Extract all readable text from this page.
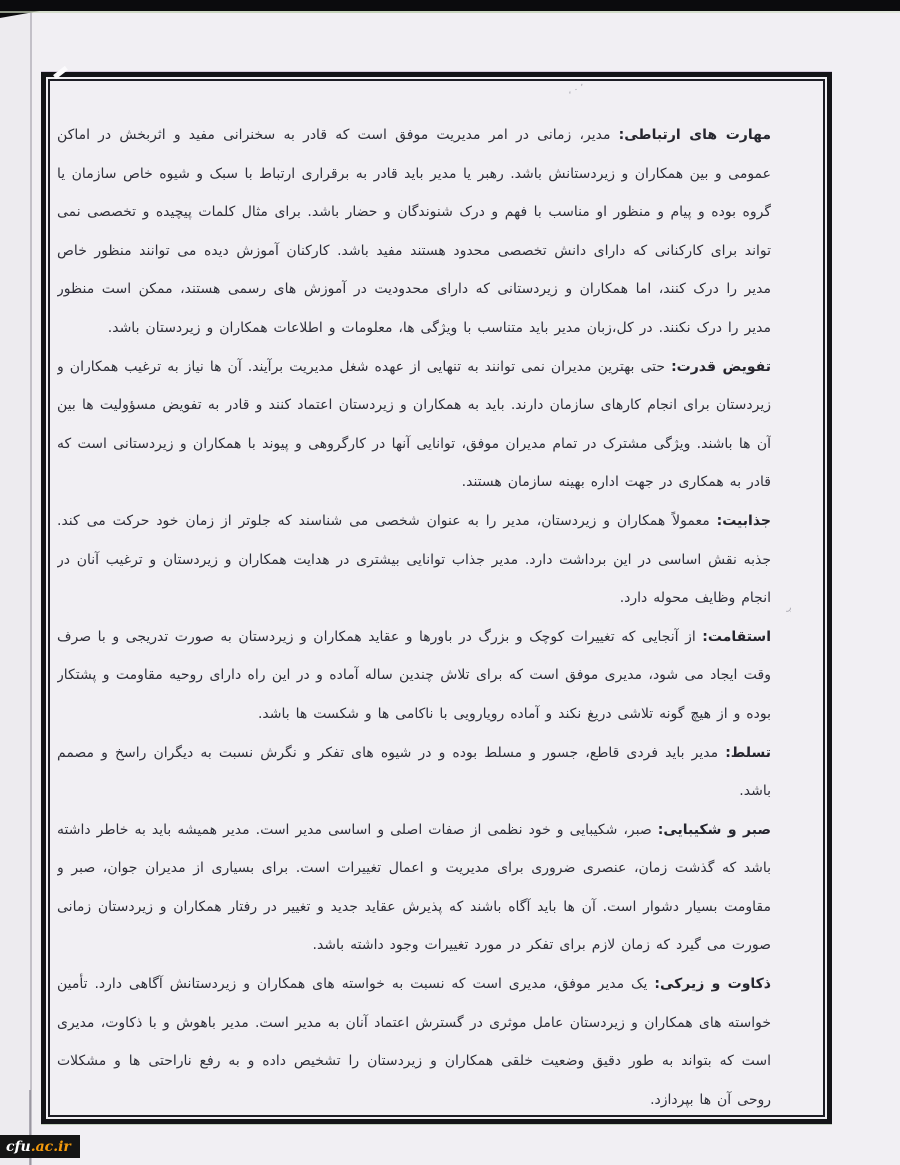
، ٬ ٠
ڔ

مهارت های ارتباطی: مدیر، زمانی در امر مدیریت موفق است که قادر به سخنرانی مفید و اثربخش در اماکن عمومی و بین همکاران و زیردستانش باشد. رهبر یا مدیر باید قادر به برقراری ارتباط با سبک و شیوه خاص سازمان یا گروه بوده و پیام و منظور او مناسب با فهم و درک شنوندگان و حضار باشد. برای مثال کلمات پیچیده و تخصصی نمی تواند برای کارکنانی که دارای دانش تخصصی محدود هستند مفید باشد. کارکنان آموزش دیده می توانند منظور خاص مدیر را درک کنند، اما همکاران و زیردستانی که دارای محدودیت در آموزش های رسمی هستند، ممکن است منظور مدیر را درک نکنند. در کل،زبان مدیر باید متناسب با ویژگی ها، معلومات و اطلاعات همکاران و زیردستان باشد.

تفویض قدرت: حتی بهترین مدیران نمی توانند به تنهایی از عهده شغل مدیریت برآیند. آن ها نیاز به ترغیب همکاران و زیردستان برای انجام کارهای سازمان دارند. باید به همکاران و زیردستان اعتماد کنند و قادر به تفویض مسؤولیت ها بین آن ها باشند. ویژگی مشترک در تمام مدیران موفق، توانایی آنها در کارگروهی و پیوند با همکاران و زیردستانی است که قادر به همکاری در جهت اداره بهینه سازمان هستند.

جذابیت: معمولاً همکاران و زیردستان، مدیر را به عنوان شخصی می شناسند که جلوتر از زمان خود حرکت می کند. جذبه نقش اساسی در این برداشت دارد. مدیر جذاب توانایی بیشتری در هدایت همکاران و زیردستان و ترغیب آنان در انجام وظایف محوله دارد.

استقامت: از آنجایی که تغییرات کوچک و بزرگ در باورها و عقاید همکاران و زیردستان به صورت تدریجی و با صرف وقت ایجاد می شود، مدیری موفق است که برای تلاش چندین ساله آماده و در این راه دارای روحیه مقاومت و پشتکار بوده و از هیچ گونه تلاشی دریغ نکند و آماده رویارویی با ناکامی ها و شکست ها باشد.

تسلط: مدیر باید فردی قاطع، جسور و مسلط بوده و در شیوه های تفکر و نگرش نسبت به دیگران راسخ و مصمم باشد.

صبر و شکیبایی: صبر، شکیبایی و خود نظمی از صفات اصلی و اساسی مدیر است. مدیر همیشه باید به خاطر داشته باشد که گذشت زمان، عنصری ضروری برای مدیریت و اعمال تغییرات است. برای بسیاری از مدیران جوان، صبر و مقاومت بسیار دشوار است. آن ها باید آگاه باشند که پذیرش عقاید جدید و تغییر در رفتار همکاران و زیردستان زمانی صورت می گیرد که زمان لازم برای تفکر در مورد تغییرات وجود داشته باشد.

ذکاوت و زیرکی: یک مدیر موفق، مدیری است که نسبت به خواسته های همکاران و زیردستانش آگاهی دارد. تأمین خواسته های همکاران و زیردستان عامل موثری در گسترش اعتماد آنان به مدیر است. مدیر باهوش و با ذکاوت، مدیری است که بتواند به طور دقیق وضعیت خلقی همکاران و زیردستان را تشخیص داده و به رفع ناراحتی ها و مشکلات روحی آن ها بپردازد.

cfu .ac.ir
